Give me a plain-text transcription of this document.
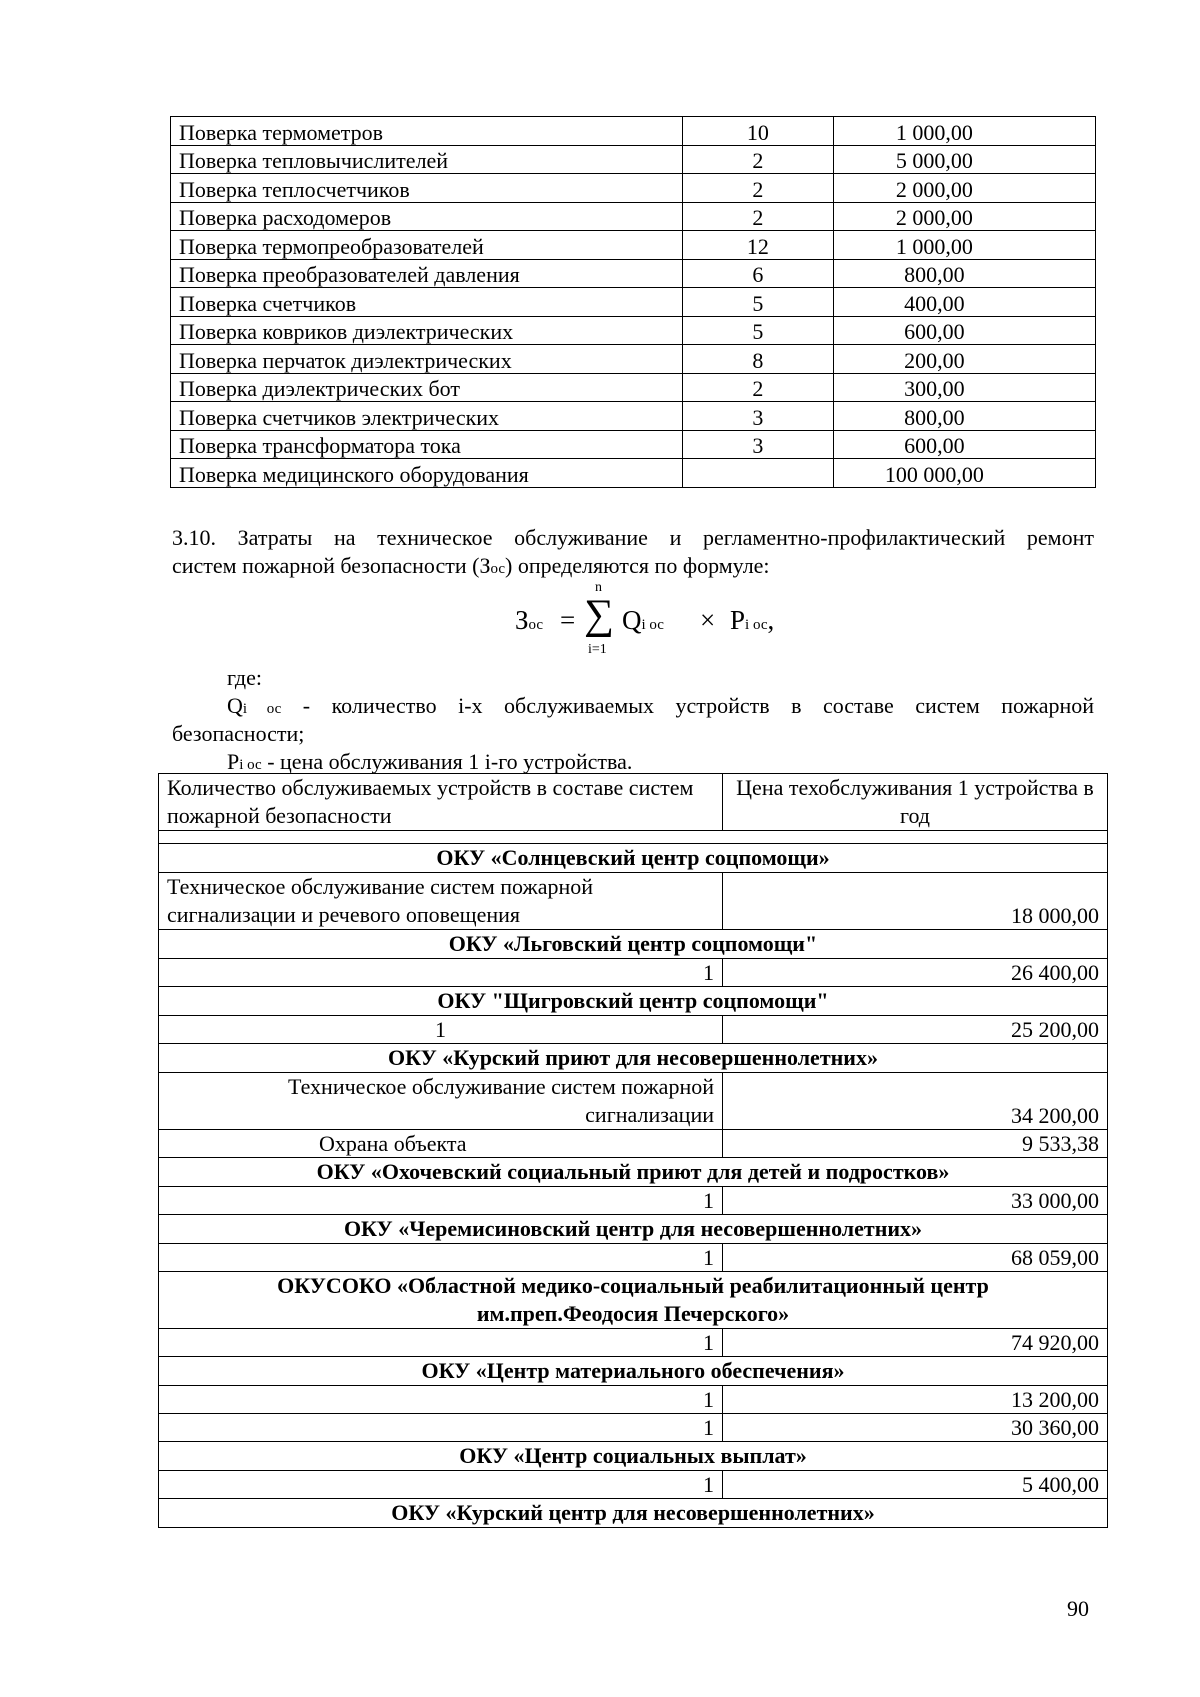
Поверка термометров	10	1 000,00
Поверка тепловычислителей	2	5 000,00
Поверка теплосчетчиков	2	2 000,00
Поверка расходомеров	2	2 000,00
Поверка термопреобразователей	12	1 000,00
Поверка преобразователей давления	6	800,00
Поверка счетчиков	5	400,00
Поверка ковриков диэлектрических	5	600,00
Поверка перчаток диэлектрических	8	200,00
Поверка диэлектрических бот	2	300,00
Поверка счетчиков электрических	3	800,00
Поверка трансформатора тока	3	600,00
Поверка медицинского оборудования		100 000,00
3.10. Затраты на техническое обслуживание и регламентно-профилактический ремонт
систем пожарной безопасности (Зос) определяются по формуле:
Зос =
n
∑
i=1
Qi ос × Pi ос,
где:
Qi ос - количество i-х обслуживаемых устройств в составе систем пожарной
безопасности;
Pi ос - цена обслуживания 1 i-го устройства.
Количество обслуживаемых устройств в составе систем пожарной безопасности	Цена техобслуживания 1 устройства в год

ОКУ «Солнцевский центр соцпомощи»	
Техническое обслуживание систем пожарной сигнализации и речевого оповещения	18 000,00
ОКУ «Льговский центр соцпомощи"	
1	26 400,00
ОКУ "Щигровский центр соцпомощи"	
1	25 200,00
ОКУ «Курский приют для несовершеннолетних»	
Техническое обслуживание систем пожарной сигнализации	34 200,00
Охрана объекта	9 533,38
ОКУ «Охочевский социальный приют для детей и подростков»	
1	33 000,00
ОКУ «Черемисиновский центр для несовершеннолетних»	
1	68 059,00
ОКУСОКО «Областной медико-социальный реабилитационный центр им.преп.Феодосия Печерского»	
1	74 920,00
ОКУ «Центр материального обеспечения»	
1	13 200,00
1	30 360,00
ОКУ «Центр социальных выплат»	
1	5 400,00
ОКУ «Курский центр для несовершеннолетних»	
90
